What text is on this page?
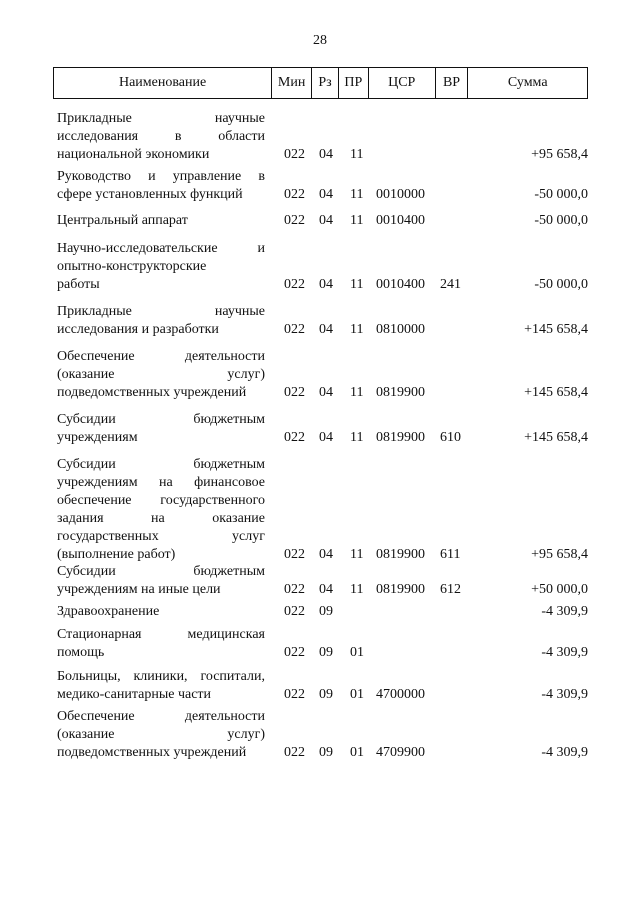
28
Наименование	Мин Рз ПР	ЦСР	ВР	Сумма
Прикладные научные
исследования в области
национальной экономики	022 04 11	+95 658,4
Руководство и управление в
сфере установленных функций	022 04 11 0010000	-50 000,0
Центральный аппарат	022 04 11 0010400	-50 000,0
Научно-исследовательские и
опытно-конструкторские
работы	022 04 11 0010400 241	-50 000,0
Прикладные научные
исследования и разработки	022 04 11 0810000	+145 658,4
Обеспечение деятельности
(оказание услуг)
подведомственных учреждений	022 04 11 0819900	+145 658,4
Субсидии бюджетным
учреждениям	022 04 11 0819900 610	+145 658,4
Субсидии бюджетным
учреждениям на финансовое
обеспечение государственного
задания на оказание
государственных услуг
(выполнение работ)	022 04 11 0819900 611	+95 658,4
Субсидии бюджетным
учреждениям на иные цели	022 04 11 0819900 612	+50 000,0
Здравоохранение	022 09	-4 309,9
Стационарная медицинская
помощь	022 09 01	-4 309,9
Больницы, клиники, госпитали,
медико-санитарные части	022 09 01 4700000	-4 309,9
Обеспечение деятельности
(оказание услуг)
подведомственных учреждений	022 09 01 4709900	-4 309,9
